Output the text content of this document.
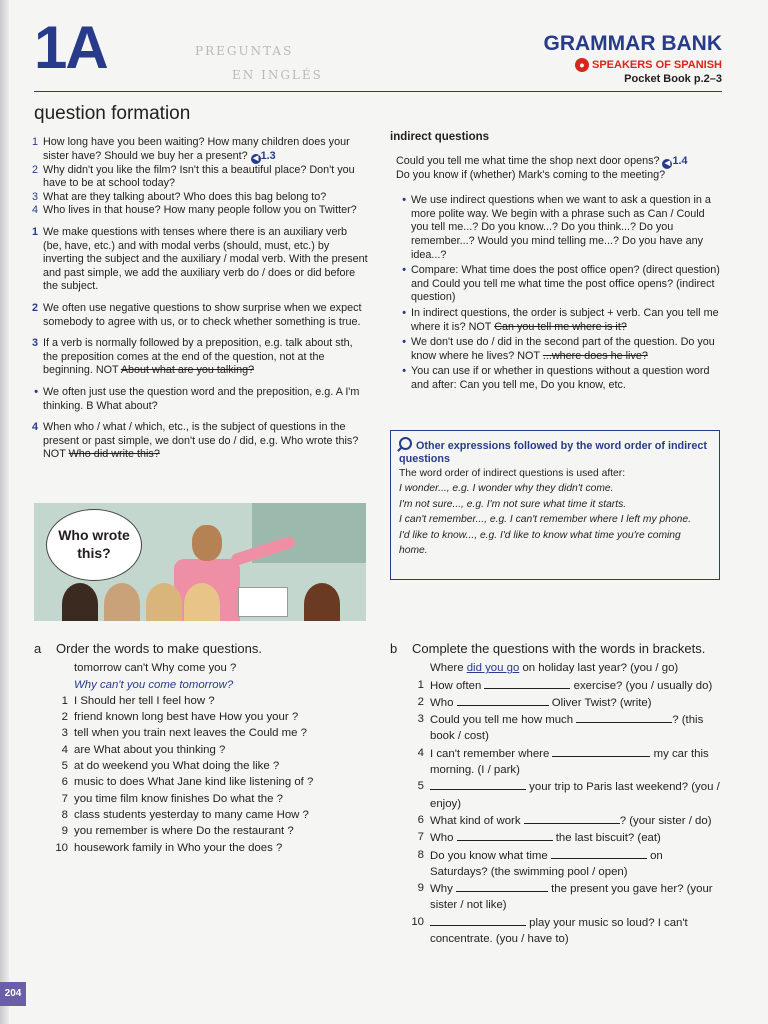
204
1A	PREGUNTAS
EN INGLÉS
GRAMMAR BANK
● SPEAKERS OF SPANISH
Pocket Book p.2–3
question formation
1 How long have you been waiting? How many children does your sister have? Should we buy her a present? ◀ 1.3
2 Why didn't you like the film? Isn't this a beautiful place? Don't you have to be at school today?
3 What are they talking about? Who does this bag belong to?
4 Who lives in that house? How many people follow you on Twitter?
1 We make questions with tenses where there is an auxiliary verb (be, have, etc.) and with modal verbs (should, must, etc.) by inverting the subject and the auxiliary / modal verb. With the present and past simple, we add the auxiliary verb do / does or did before the subject.
2 We often use negative questions to show surprise when we expect somebody to agree with us, or to check whether something is true.
3 If a verb is normally followed by a preposition, e.g. talk about sth, the preposition comes at the end of the question, not at the beginning. NOT About what are you talking?
• We often just use the question word and the preposition, e.g. A I'm thinking. B What about?
4 When who / what / which, etc., is the subject of questions in the present or past simple, we don't use do / did, e.g. Who wrote this? NOT Who did write this?
Who wrote this?
indirect questions
Could you tell me what time the shop next door opens? ◀ 1.4
Do you know if (whether) Mark's coming to the meeting?
• We use indirect questions when we want to ask a question in a more polite way. We begin with a phrase such as Can / Could you tell me...? Do you know...? Do you think...? Do you remember...? Would you mind telling me...? Do you have any idea...?
• Compare: What time does the post office open? (direct question) and Could you tell me what time the post office opens? (indirect question)
• In indirect questions, the order is subject + verb. Can you tell me where it is? NOT Can you tell me where is it?
• We don't use do / did in the second part of the question. Do you know where he lives? NOT ...where does he live?
• You can use if or whether in questions without a question word and after: Can you tell me, Do you know, etc.
Other expressions followed by the word order of indirect questions

The word order of indirect questions is used after:

I wonder..., e.g. I wonder why they didn't come.

I'm not sure..., e.g. I'm not sure what time it starts.

I can't remember..., e.g. I can't remember where I left my phone.

I'd like to know..., e.g. I'd like to know what time you're coming home.

a	Order the words to make questions.
tomorrow can't Why come you ?
Why can't you come tomorrow?
1 I Should her tell I feel how ?
2 friend known long best have How you your ?
3 tell when you train next leaves the Could me ?
4 are What about you thinking ?
5 at do weekend you What doing the like ?
6 music to does What Jane kind like listening of ?
7 you time film know finishes Do what the ?
8 class students yesterday to many came How ?
9 you remember is where Do the restaurant ?
10 housework family in Who your the does ?
b	Complete the questions with the words in brackets.
Where did you go on holiday last year? (you / go)
1 How often	exercise? (you / usually do)
2 Who	Oliver Twist? (write)
3 Could you tell me how much	? (this book / cost)
4 I can't remember where	my car this morning. (I / park)
5	your trip to Paris last weekend? (you / enjoy)
6 What kind of work	? (your sister / do)
7 Who	the last biscuit? (eat)
8 Do you know what time	on Saturdays? (the swimming pool / open)
9 Why	the present you gave her? (your sister / not like)
10	play your music so loud? I can't concentrate. (you / have to)
